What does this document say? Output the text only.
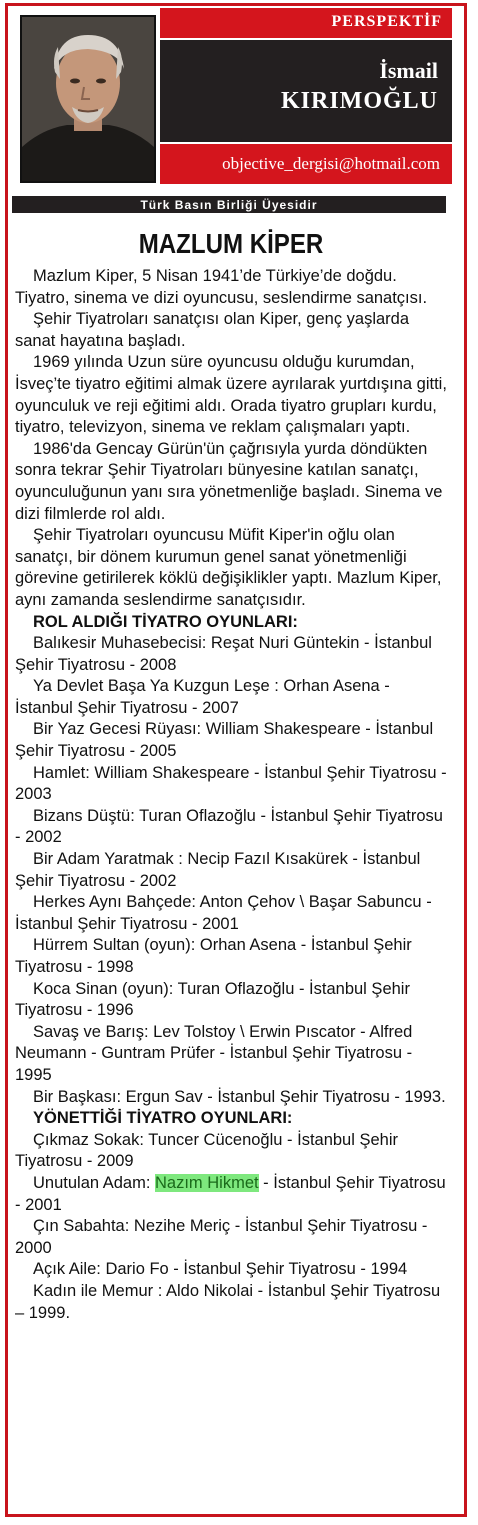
PERSPEKTİF
İsmail
KIRIMOĞLU
objective_dergisi@hotmail.com
Türk Basın Birliği Üyesidir
MAZLUM KİPER

Mazlum Kiper, 5 Nisan 1941’de Türkiye’de doğdu. Tiyatro, sinema ve dizi oyuncusu, seslendirme sanatçısı.

Şehir Tiyatroları sanatçısı olan Kiper, genç yaşlarda sanat hayatına başladı.

1969 yılında Uzun süre oyuncusu olduğu kurumdan, İsveç’te tiyatro eğitimi almak üzere ayrılarak yurtdışına gitti, oyunculuk ve reji eğitimi aldı. Orada tiyatro grupları kurdu, tiyatro, televizyon, sinema ve reklam çalışmaları yaptı.

1986'da Gencay Gürün'ün çağrısıyla yurda döndükten sonra tekrar Şehir Tiyatroları bünyesine katılan sanatçı, oyunculuğunun yanı sıra yönetmenliğe başladı. Sinema ve dizi filmlerde rol aldı.

Şehir Tiyatroları oyuncusu Müfit Kiper'in oğlu olan sanatçı, bir dönem kurumun genel sanat yönetmenliği görevine getirilerek köklü değişiklikler yaptı. Mazlum Kiper, aynı zamanda seslendirme sanatçısıdır.

ROL ALDIĞI TİYATRO OYUNLARI:

Balıkesir Muhasebecisi: Reşat Nuri Güntekin - İstanbul Şehir Tiyatrosu - 2008

Ya Devlet Başa Ya Kuzgun Leşe : Orhan Asena - İstanbul Şehir Tiyatrosu - 2007

Bir Yaz Gecesi Rüyası: William Shakespeare - İstanbul Şehir Tiyatrosu - 2005

Hamlet: William Shakespeare - İstanbul Şehir Tiyatrosu - 2003

Bizans Düştü: Turan Oflazoğlu - İstanbul Şehir Tiyatrosu - 2002

Bir Adam Yaratmak : Necip Fazıl Kısakürek - İstanbul Şehir Tiyatrosu - 2002

Herkes Aynı Bahçede: Anton Çehov \ Başar Sabuncu - İstanbul Şehir Tiyatrosu - 2001

Hürrem Sultan (oyun): Orhan Asena - İstanbul Şehir Tiyatrosu - 1998

Koca Sinan (oyun): Turan Oflazoğlu - İstanbul Şehir Tiyatrosu - 1996

Savaş ve Barış: Lev Tolstoy \ Erwin Pıscator - Alfred Neumann - Guntram Prüfer - İstanbul Şehir Tiyatrosu - 1995

Bir Başkası: Ergun Sav - İstanbul Şehir Tiyatrosu - 1993.

YÖNETTİĞİ TİYATRO OYUNLARI:

Çıkmaz Sokak: Tuncer Cücenoğlu - İstanbul Şehir Tiyatrosu - 2009

Unutulan Adam: Nazım Hikmet - İstanbul Şehir Tiyatrosu - 2001

Çın Sabahta: Nezihe Meriç - İstanbul Şehir Tiyatrosu - 2000

Açık Aile: Dario Fo - İstanbul Şehir Tiyatrosu - 1994

Kadın ile Memur : Aldo Nikolai - İstanbul Şehir Tiyatrosu – 1999.
